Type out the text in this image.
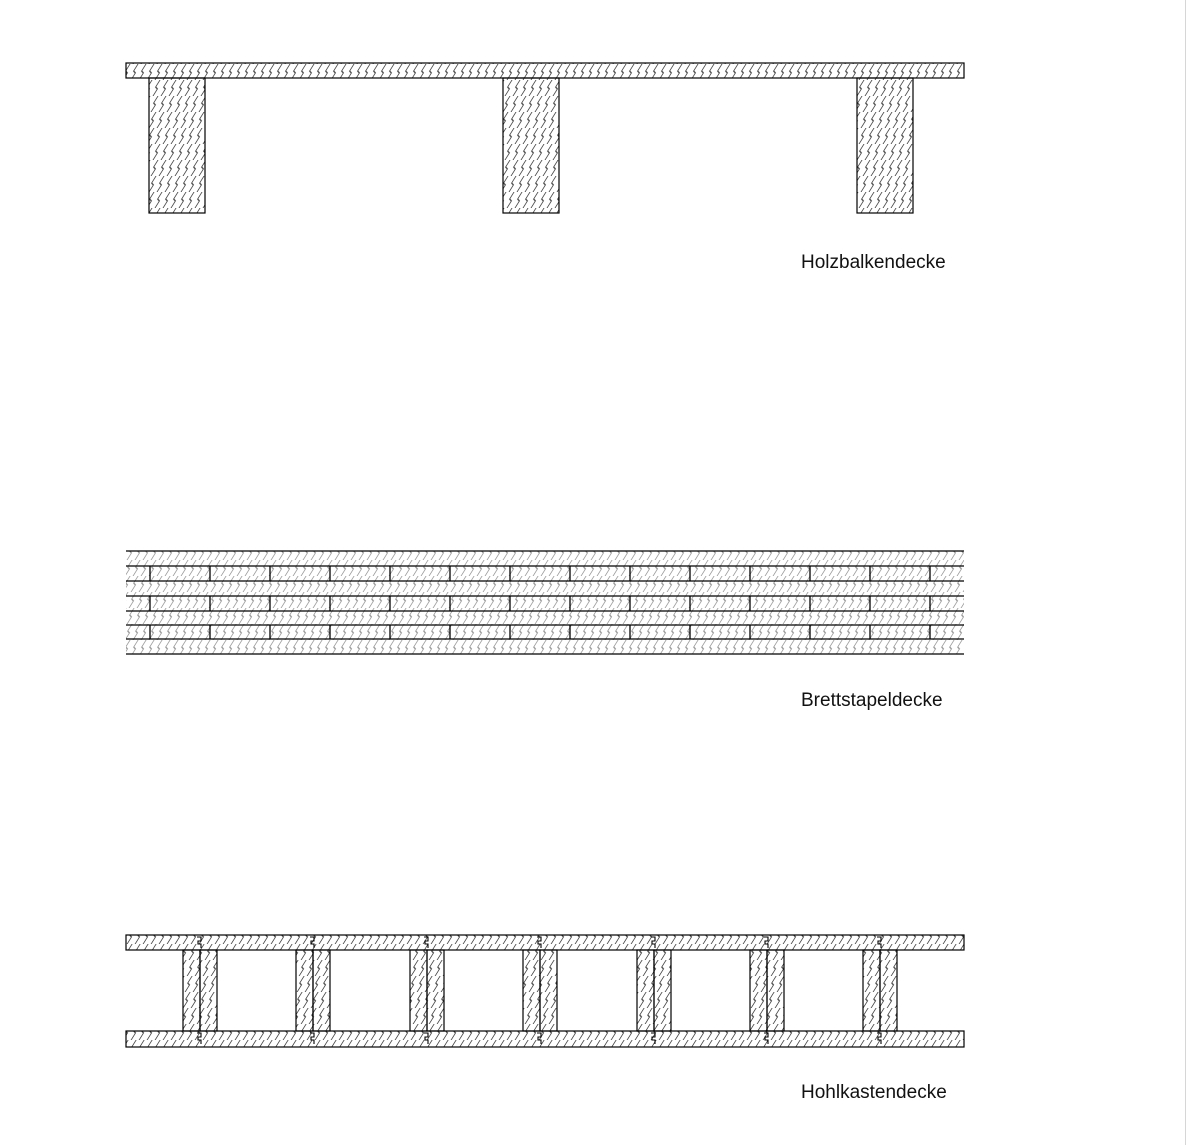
Holzbalkendecke
Brettstapeldecke
Hohlkastendecke
